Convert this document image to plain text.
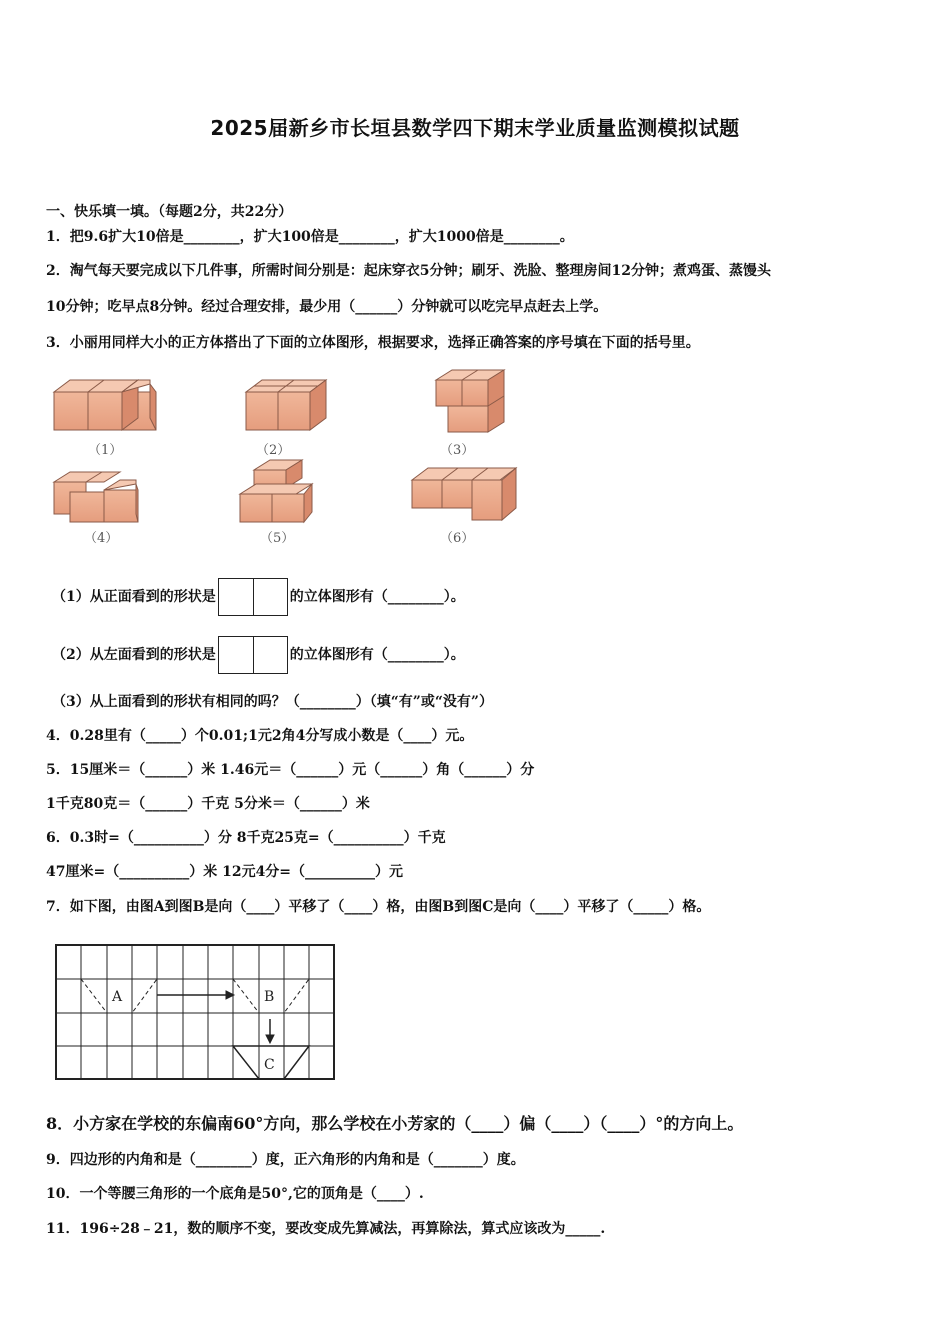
2025届新乡市长垣县数学四下期末学业质量监测模拟试题
一、快乐填一填。（每题2分，共22分）
1．把9.6扩大10倍是________，扩大100倍是________，扩大1000倍是________。
2．淘气每天要完成以下几件事，所需时间分别是：起床穿衣5分钟；刷牙、洗脸、整理房间12分钟；煮鸡蛋、蒸馒头
10分钟；吃早点8分钟。经过合理安排，最少用（______）分钟就可以吃完早点赶去上学。
3．小丽用同样大小的正方体搭出了下面的立体图形，根据要求，选择正确答案的序号填在下面的括号里。
（1）	（2）	（3）
（4）	（5）	（6）
（1）从正面看到的形状是	的立体图形有（________）。
（2）从左面看到的形状是	的立体图形有（________）。
（3）从上面看到的形状有相同的吗？（________）（填“有”或“没有”）
4．0.28里有（_____）个0.01;1元2角4分写成小数是（____）元。
5．15厘米＝（______）米 1.46元＝（______）元（______）角（______）分
1千克80克＝（______）千克 5分米＝（______）米
6．0.3时=（__________）分 8千克25克=（__________）千克
47厘米=（__________）米 12元4分=（__________）元
7．如下图，由图A到图B是向（____）平移了（____）格，由图B到图C是向（____）平移了（_____）格。
A	B
C
8．小方家在学校的东偏南60°方向，那么学校在小芳家的（____）偏（____）（____）°的方向上。
9．四边形的内角和是（________）度，正六角形的内角和是（_______）度。
10．一个等腰三角形的一个底角是50°,它的顶角是（____）.
11．196÷28﹣21，数的顺序不变，要改变成先算减法，再算除法，算式应该改为_____.
